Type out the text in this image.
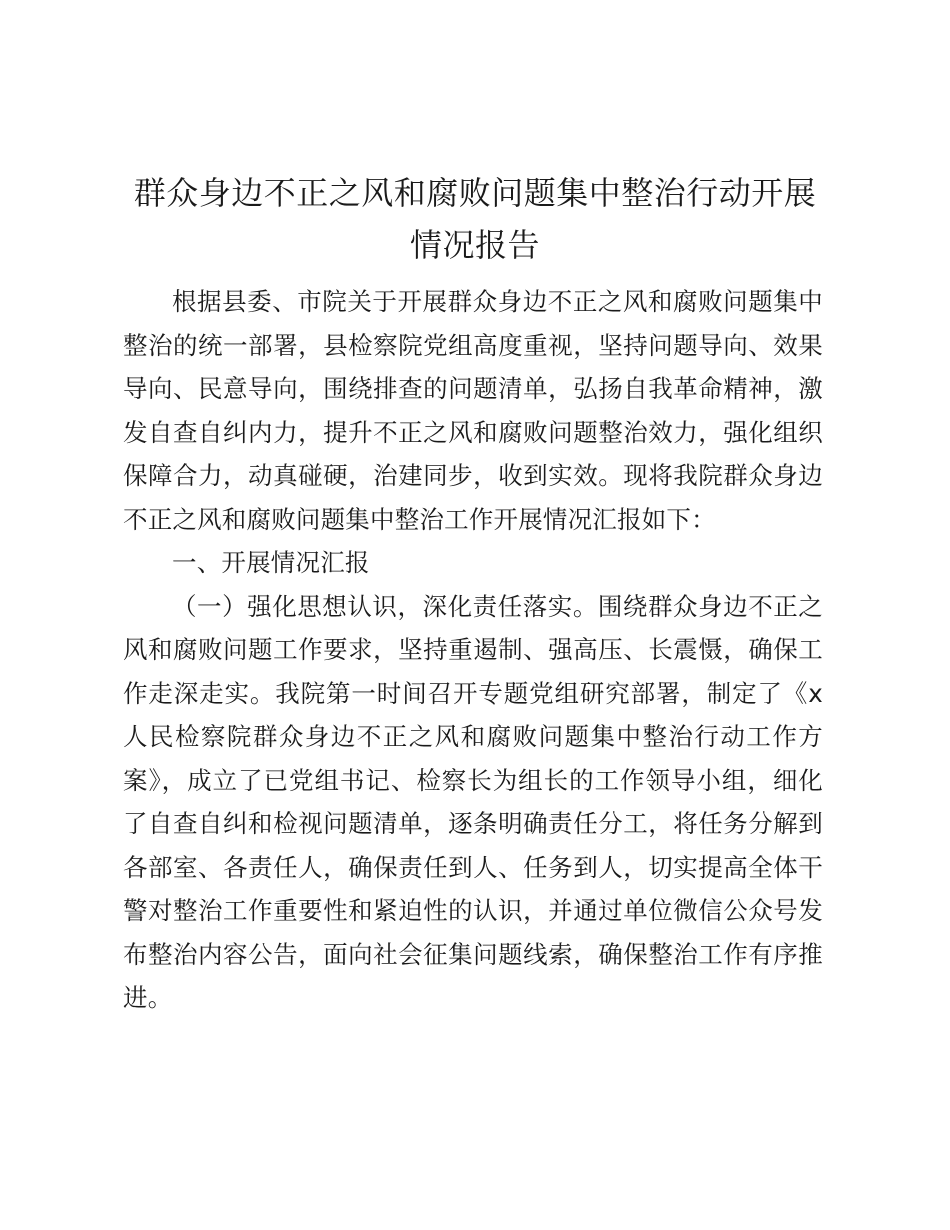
群众身边不正之风和腐败问题集中整治行动开展情况报告

根据县委、市院关于开展群众身边不正之风和腐败问题集中整治的统一部署，县检察院党组高度重视，坚持问题导向、效果导向、民意导向，围绕排查的问题清单，弘扬自我革命精神，激发自查自纠内力，提升不正之风和腐败问题整治效力，强化组织保障合力，动真碰硬，治建同步，收到实效。现将我院群众身边不正之风和腐败问题集中整治工作开展情况汇报如下：

一、开展情况汇报

（一）强化思想认识，深化责任落实。围绕群众身边不正之风和腐败问题工作要求，坚持重遏制、强高压、长震慑，确保工作走深走实。我院第一时间召开专题党组研究部署，制定了《x人民检察院群众身边不正之风和腐败问题集中整治行动工作方案》，成立了已党组书记、检察长为组长的工作领导小组，细化了自查自纠和检视问题清单，逐条明确责任分工，将任务分解到各部室、各责任人，确保责任到人、任务到人，切实提高全体干警对整治工作重要性和紧迫性的认识，并通过单位微信公众号发布整治内容公告，面向社会征集问题线索，确保整治工作有序推进。
